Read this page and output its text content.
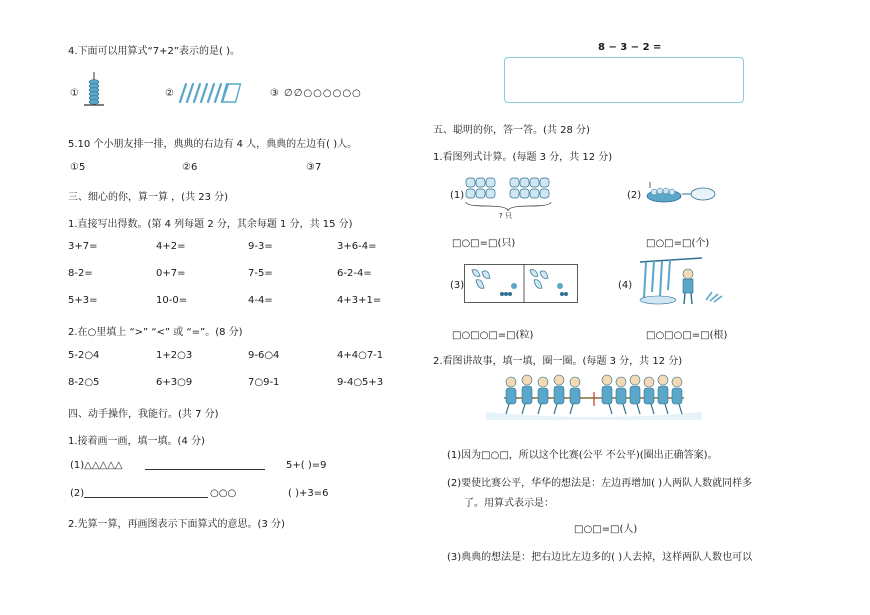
4.下面可以用算式“7+2”表示的是( )。
①	②	③ ∅∅○○○○○○
5.10 个小朋友排一排，典典的右边有 4 人，典典的左边有( )人。
①5	②6	③7
三、细心的你，算一算 ，(共 23 分)
1.直接写出得数。(第 4 列每题 2 分，其余每题 1 分，共 15 分)
3+7=	4+2=	9-3=	3+6-4=
8-2=	0+7=	7-5=	6-2-4=
5+3=	10-0=	4-4=	4+3+1=
2.在○里填上 “>” “<” 或 “=”。(8 分)
5-2○4	1+2○3	9-6○4	4+4○7-1
8-2○5	6+3○9	7○9-1	9-4○5+3
四、动手操作，我能行。(共 7 分)
1.接着画一画，填一填。(4 分)
(1)△△△△△	5+( )=9
(2)	○○○	( )+3=6
2.先算一算，再画图表示下面算式的意思。(3 分)
8 − 3 − 2 =
五、聪明的你，答一答。(共 28 分)
1.看图列式计算。(每题 3 分，共 12 分)
(1)
? 只
(2)
□○□=□(只)	□○□=□(个)
(3)	(4)
□○□○□=□(粒)	□○□○□=□(根)
2.看图讲故事，填一填，圈一圈。(每题 3 分，共 12 分)
(1)因为□○□，所以这个比赛(公平 不公平)(圈出正确答案)。
(2)要使比赛公平，华华的想法是：左边再增加( )人两队人数就同样多
了。用算式表示是：
□○□=□(人)
(3)典典的想法是：把右边比左边多的( )人去掉，这样两队人数也可以
